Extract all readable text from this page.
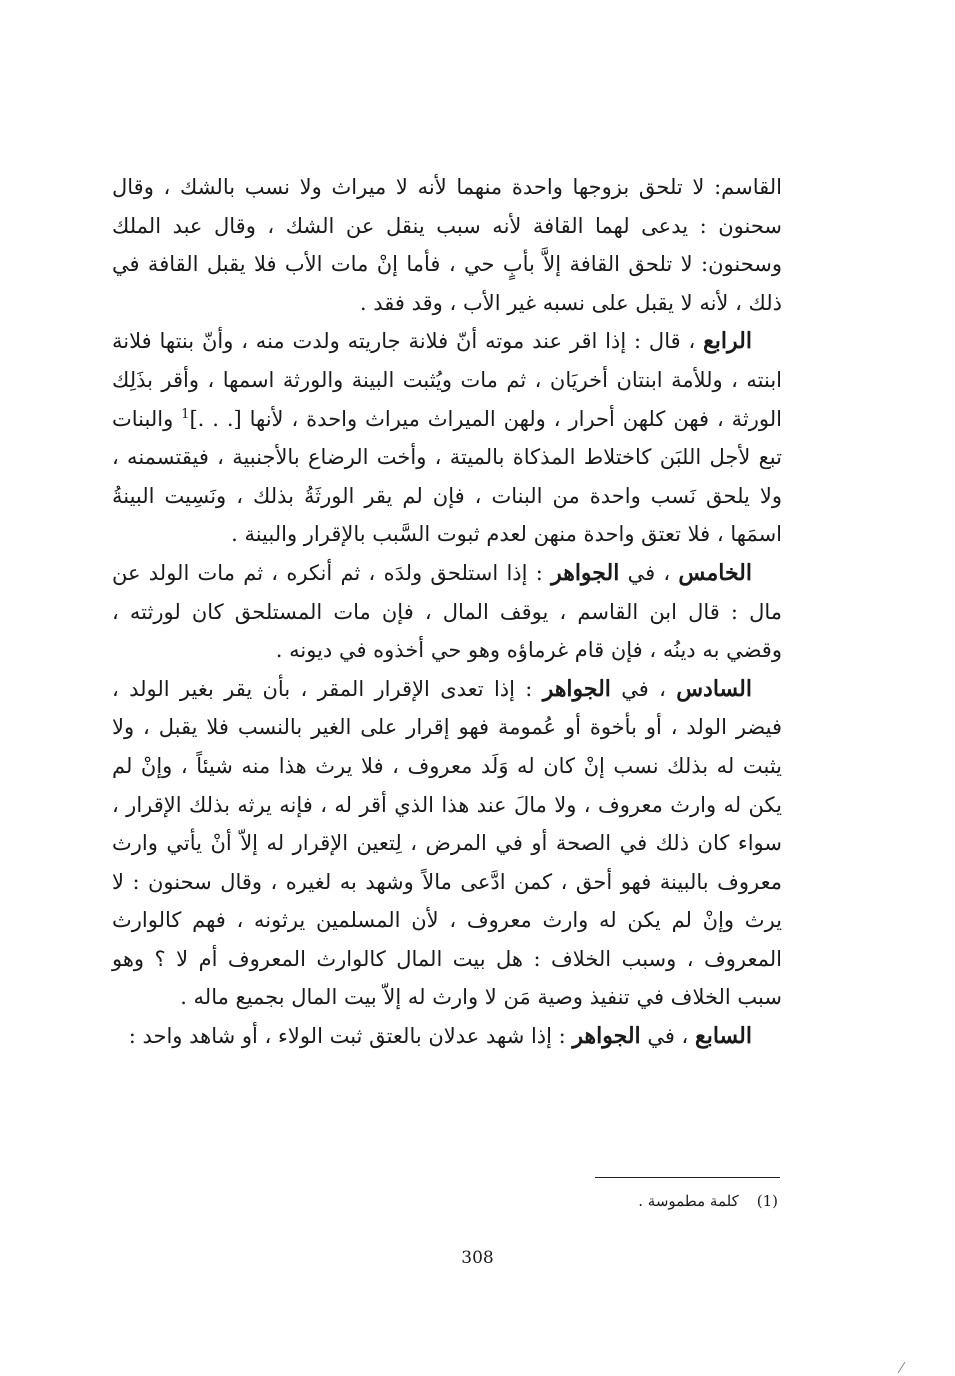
القاسم: لا تلحق بزوجها واحدة منهما لأنه لا ميراث ولا نسب بالشك ، وقال سحنون : يدعى لهما القافة لأنه سبب ينقل عن الشك ، وقال عبد الملك وسحنون: لا تلحق القافة إلاَّ بأبٍ حي ، فأما إنْ مات الأب فلا يقبل القافة في ذلك ، لأنه لا يقبل على نسبه غير الأب ، وقد فقد .

الرابع ، قال : إذا اقر عند موته أنّ فلانة جاريته ولدت منه ، وأنّ بنتها فلانة ابنته ، وللأمة ابنتان أخريَان ، ثم مات ويُثبت البينة والورثة اسمها ، وأقر بذَلِك الورثة ، فهن كلهن أحرار ، ولهن الميراث ميراث واحدة ، لأنها [. . .]$^1$ والبنات تبع لأجل اللبَن كاختلاط المذكاة بالميتة ، وأخت الرضاع بالأجنبية ، فيقتسمنه ، ولا يلحق نَسب واحدة من البنات ، فإن لم يقر الورثَةُ بذلك ، ونَسِيت البينةُ اسمَها ، فلا تعتق واحدة منهن لعدم ثبوت السَّبب بالإقرار والبينة .

الخامس ، في الجواهر : إذا استلحق ولدَه ، ثم أنكره ، ثم مات الولد عن مال : قال ابن القاسم ، يوقف المال ، فإن مات المستلحق كان لورثته ، وقضي به دينُه ، فإن قام غرماؤه وهو حي أخذوه في ديونه .

السادس ، في الجواهر : إذا تعدى الإقرار المقر ، بأن يقر بغير الولد ، فيضر الولد ، أو بأخوة أو عُمومة فهو إقرار على الغير بالنسب فلا يقبل ، ولا يثبت له بذلك نسب إنْ كان له وَلَد معروف ، فلا يرث هذا منه شيئاً ، وإنْ لم يكن له وارث معروف ، ولا مالَ عند هذا الذي أقر له ، فإنه يرثه بذلك الإقرار ، سواء كان ذلك في الصحة أو في المرض ، لِتعين الإقرار له إلاّ أنْ يأتي وارث معروف بالبينة فهو أحق ، كمن ادَّعى مالاً وشهد به لغيره ، وقال سحنون : لا يرث وإنْ لم يكن له وارث معروف ، لأن المسلمين يرثونه ، فهم كالوارث المعروف ، وسبب الخلاف : هل بيت المال كالوارث المعروف أم لا ؟ وهو سبب الخلاف في تنفيذ وصية مَن لا وارث له إلاّ بيت المال بجميع ماله .

السابع ، في الجواهر : إذا شهد عدلان بالعتق ثبت الولاء ، أو شاهد واحد :

(1)كلمة مطموسة .
308
